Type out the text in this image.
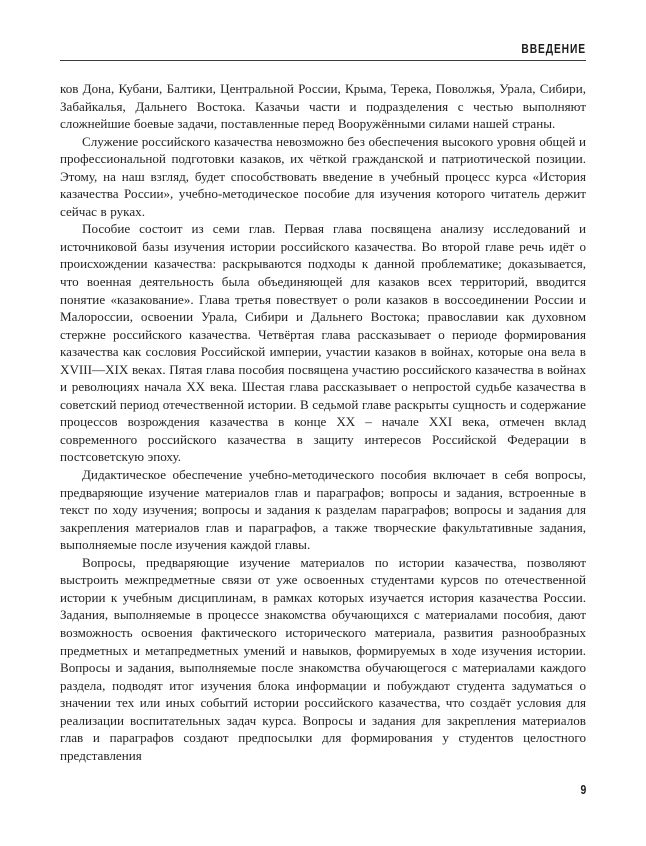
ВВЕДЕНИЕ

ков Дона, Кубани, Балтики, Центральной России, Крыма, Терека, Поволжья, Урала, Сибири, Забайкалья, Дальнего Востока. Казачьи части и подразделения с честью выполняют сложнейшие боевые задачи, поставленные перед Вооружёнными силами нашей страны.

Служение российского казачества невозможно без обеспечения высокого уровня общей и профессиональной подготовки казаков, их чёткой гражданской и патриотической позиции. Этому, на наш взгляд, будет способствовать введение в учебный процесс курса «История казачества России», учебно-методическое пособие для изучения которого читатель держит сейчас в руках.

Пособие состоит из семи глав. Первая глава посвящена анализу исследований и источниковой базы изучения истории российского казачества. Во второй главе речь идёт о происхождении казачества: раскрываются подходы к данной проблематике; доказывается, что военная деятельность была объединяющей для казаков всех территорий, вводится понятие «казакование». Глава третья повествует о роли казаков в воссоединении России и Малороссии, освоении Урала, Сибири и Дальнего Востока; православии как духовном стержне российского казачества. Четвёртая глава рассказывает о периоде формирования казачества как сословия Российской империи, участии казаков в войнах, которые она вела в XVIII—XIX веках. Пятая глава пособия посвящена участию российского казачества в войнах и революциях начала XX века. Шестая глава рассказывает о непростой судьбе казачества в советский период отечественной истории. В седьмой главе раскрыты сущность и содержание процессов возрождения казачества в конце XX – начале XXI века, отмечен вклад современного российского казачества в защиту интересов Российской Федерации в постсоветскую эпоху.

Дидактическое обеспечение учебно-методического пособия включает в себя вопросы, предваряющие изучение материалов глав и параграфов; вопросы и задания, встроенные в текст по ходу изучения; вопросы и задания к разделам параграфов; вопросы и задания для закрепления материалов глав и параграфов, а также творческие факультативные задания, выполняемые после изучения каждой главы.

Вопросы, предваряющие изучение материалов по истории казачества, позволяют выстроить межпредметные связи от уже освоенных студентами курсов по отечественной истории к учебным дисциплинам, в рамках которых изучается история казачества России. Задания, выполняемые в процессе знакомства обучающихся с материалами пособия, дают возможность освоения фактического исторического материала, развития разнообразных предметных и метапредметных умений и навыков, формируемых в ходе изучения истории. Вопросы и задания, выполняемые после знакомства обучающегося с материалами каждого раздела, подводят итог изучения блока информации и побуждают студента задуматься о значении тех или иных событий истории российского казачества, что создаёт условия для реализации воспитательных задач курса. Вопросы и задания для закрепления материалов глав и параграфов создают предпосылки для формирования у студентов целостного представления

9
